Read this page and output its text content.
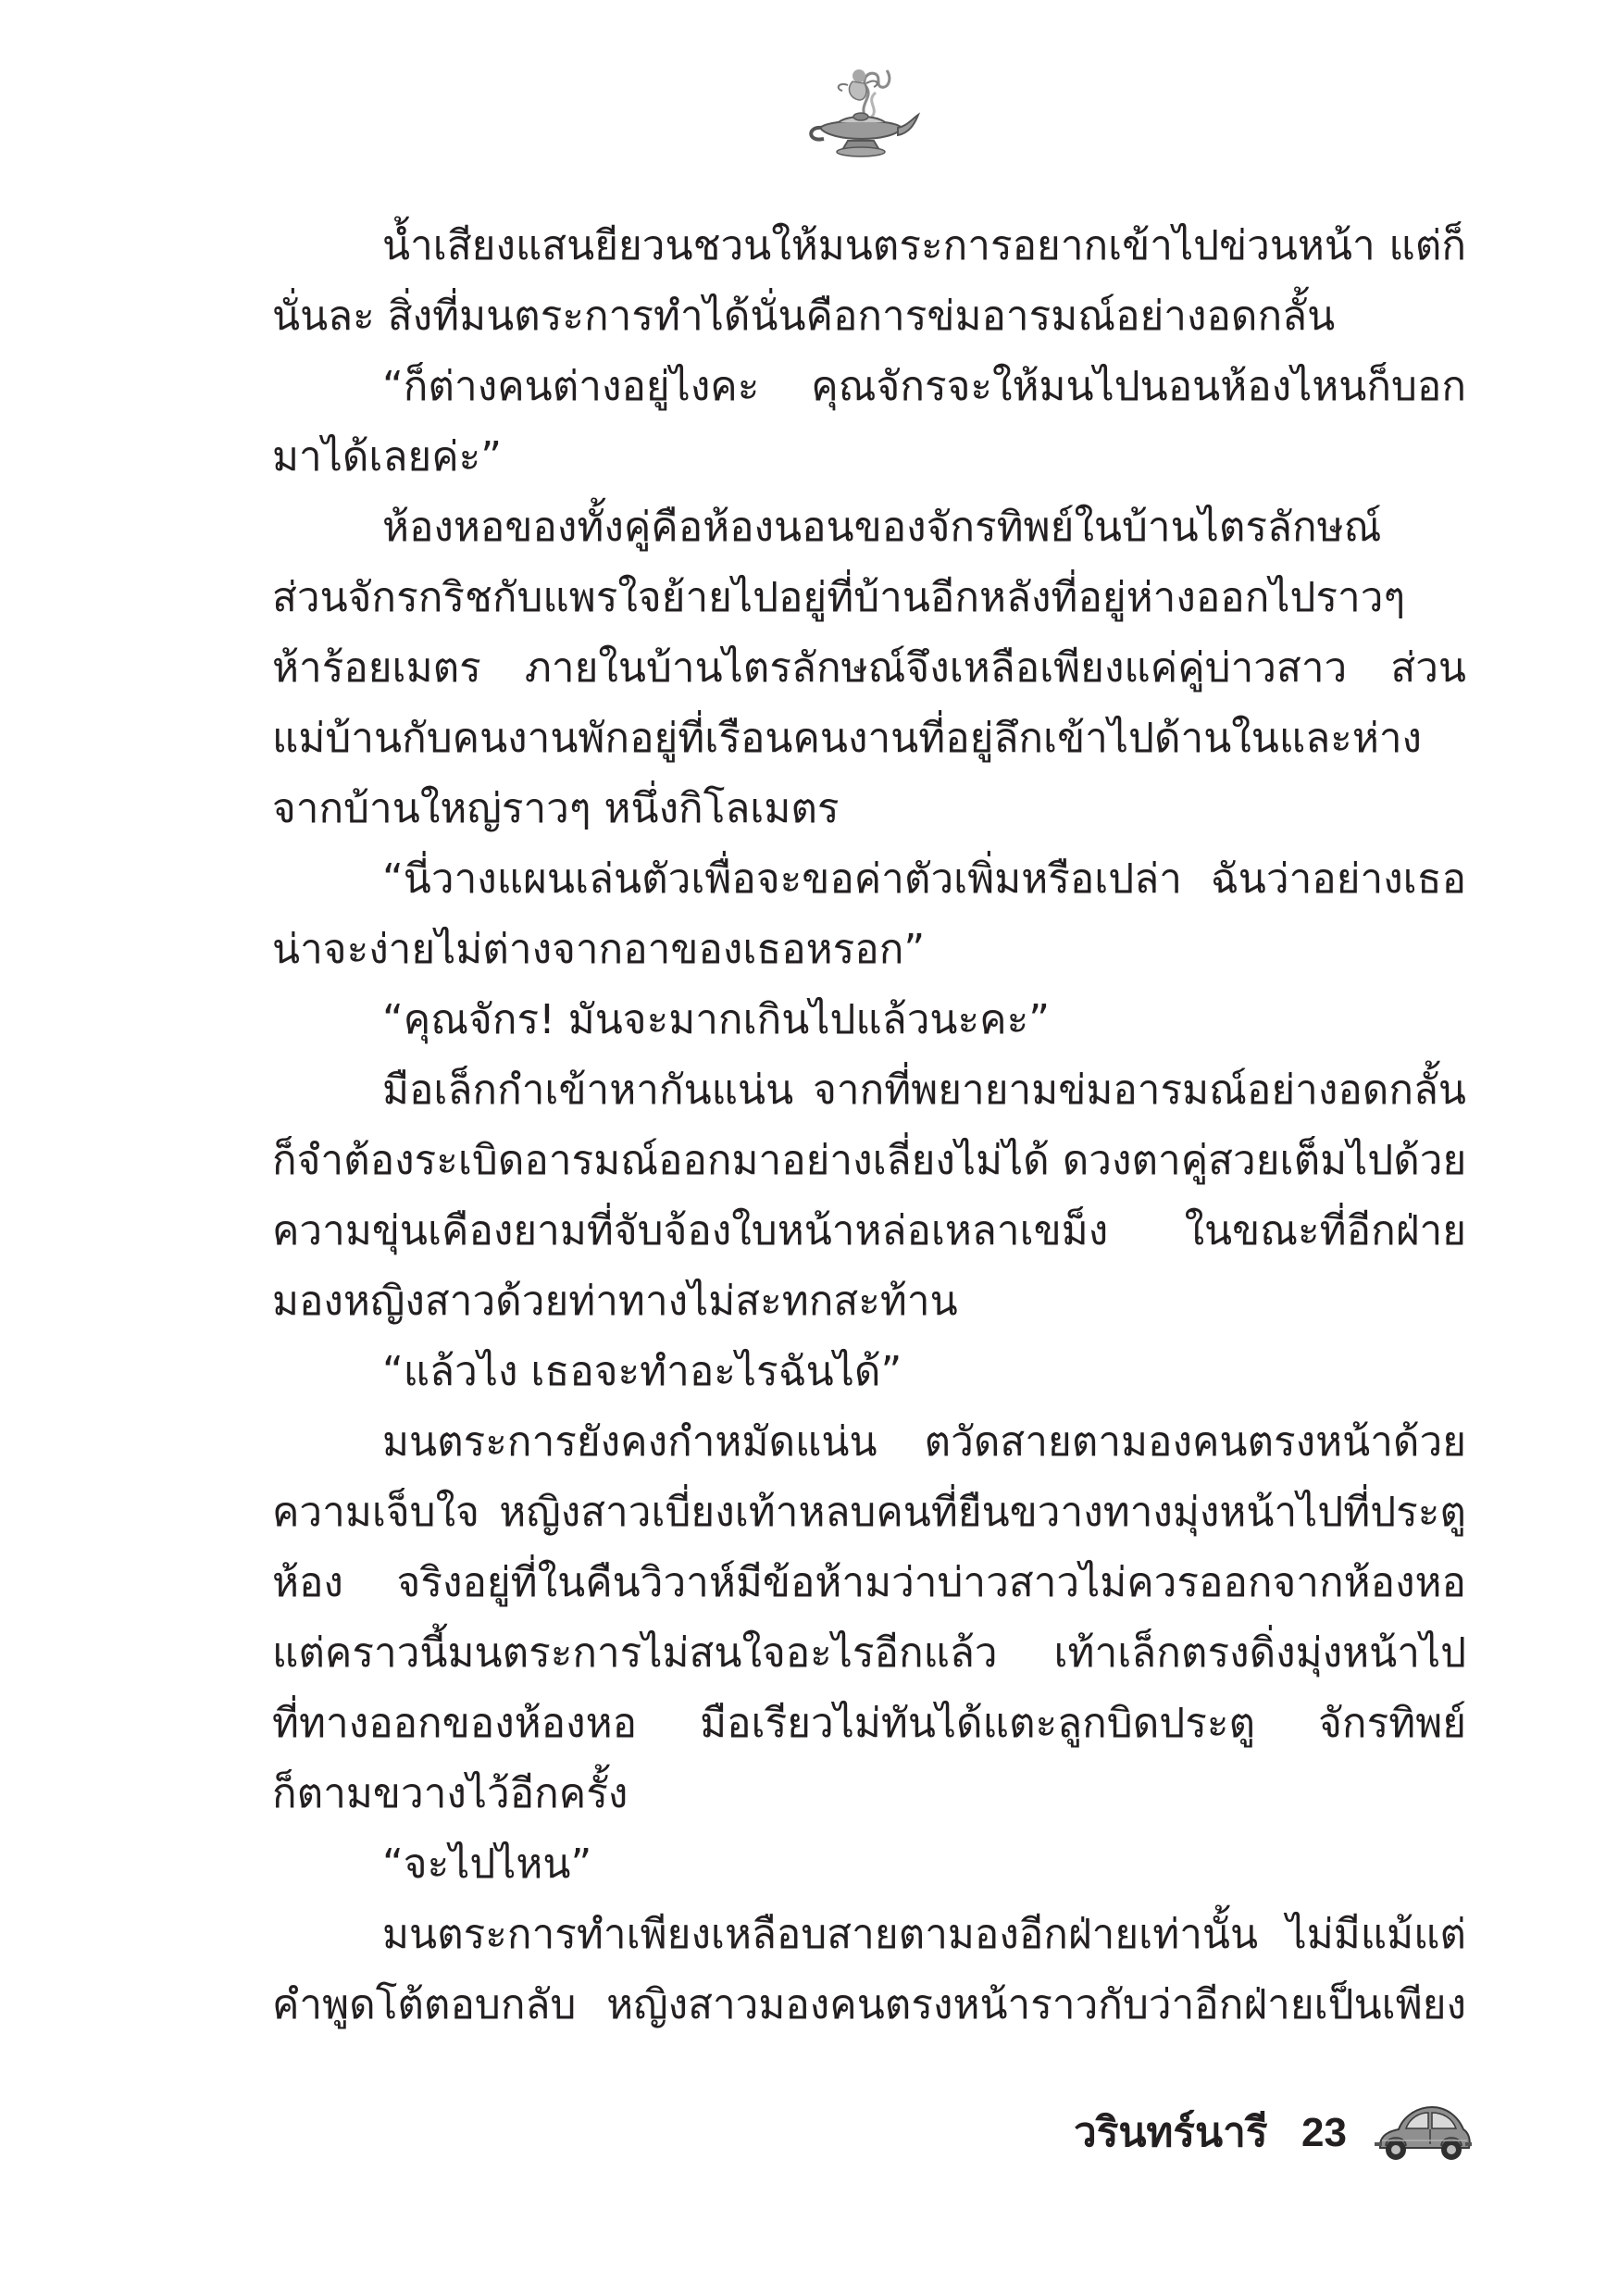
น้ำเสียงแสนยียวนชวนให้มนตระการอยากเข้าไปข่วนหน้า แต่ก็
นั่นละ สิ่งที่มนตระการทำได้นั่นคือการข่มอารมณ์อย่างอดกลั้น
“ก็ต่างคนต่างอยู่ไงคะ คุณจักรจะให้มนไปนอนห้องไหนก็บอก
มาได้เลยค่ะ”
ห้องหอของทั้งคู่คือห้องนอนของจักรทิพย์ในบ้านไตรลักษณ์
ส่วนจักรกริชกับแพรใจย้ายไปอยู่ที่บ้านอีกหลังที่อยู่ห่างออกไปราวๆ
ห้าร้อยเมตร ภายในบ้านไตรลักษณ์จึงเหลือเพียงแค่คู่บ่าวสาว ส่วน
แม่บ้านกับคนงานพักอยู่ที่เรือนคนงานที่อยู่ลึกเข้าไปด้านในและห่าง
จากบ้านใหญ่ราวๆ หนึ่งกิโลเมตร
“นี่วางแผนเล่นตัวเพื่อจะขอค่าตัวเพิ่มหรือเปล่า ฉันว่าอย่างเธอ
น่าจะง่ายไม่ต่างจากอาของเธอหรอก”
“คุณจักร! มันจะมากเกินไปแล้วนะคะ”
มือเล็กกำเข้าหากันแน่น จากที่พยายามข่มอารมณ์อย่างอดกลั้น
ก็จำต้องระเบิดอารมณ์ออกมาอย่างเลี่ยงไม่ได้ ดวงตาคู่สวยเต็มไปด้วย
ความขุ่นเคืองยามที่จับจ้องใบหน้าหล่อเหลาเขม็ง ในขณะที่อีกฝ่าย
มองหญิงสาวด้วยท่าทางไม่สะทกสะท้าน
“แล้วไง เธอจะทำอะไรฉันได้”
มนตระการยังคงกำหมัดแน่น ตวัดสายตามองคนตรงหน้าด้วย
ความเจ็บใจ หญิงสาวเบี่ยงเท้าหลบคนที่ยืนขวางทางมุ่งหน้าไปที่ประตู
ห้อง จริงอยู่ที่ในคืนวิวาห์มีข้อห้ามว่าบ่าวสาวไม่ควรออกจากห้องหอ
แต่คราวนี้มนตระการไม่สนใจอะไรอีกแล้ว เท้าเล็กตรงดิ่งมุ่งหน้าไป
ที่ทางออกของห้องหอ มือเรียวไม่ทันได้แตะลูกบิดประตู จักรทิพย์
ก็ตามขวางไว้อีกครั้ง
“จะไปไหน”
มนตระการทำเพียงเหลือบสายตามองอีกฝ่ายเท่านั้น ไม่มีแม้แต่
คำพูดโต้ตอบกลับ หญิงสาวมองคนตรงหน้าราวกับว่าอีกฝ่ายเป็นเพียง
วรินทร์นารี 23
